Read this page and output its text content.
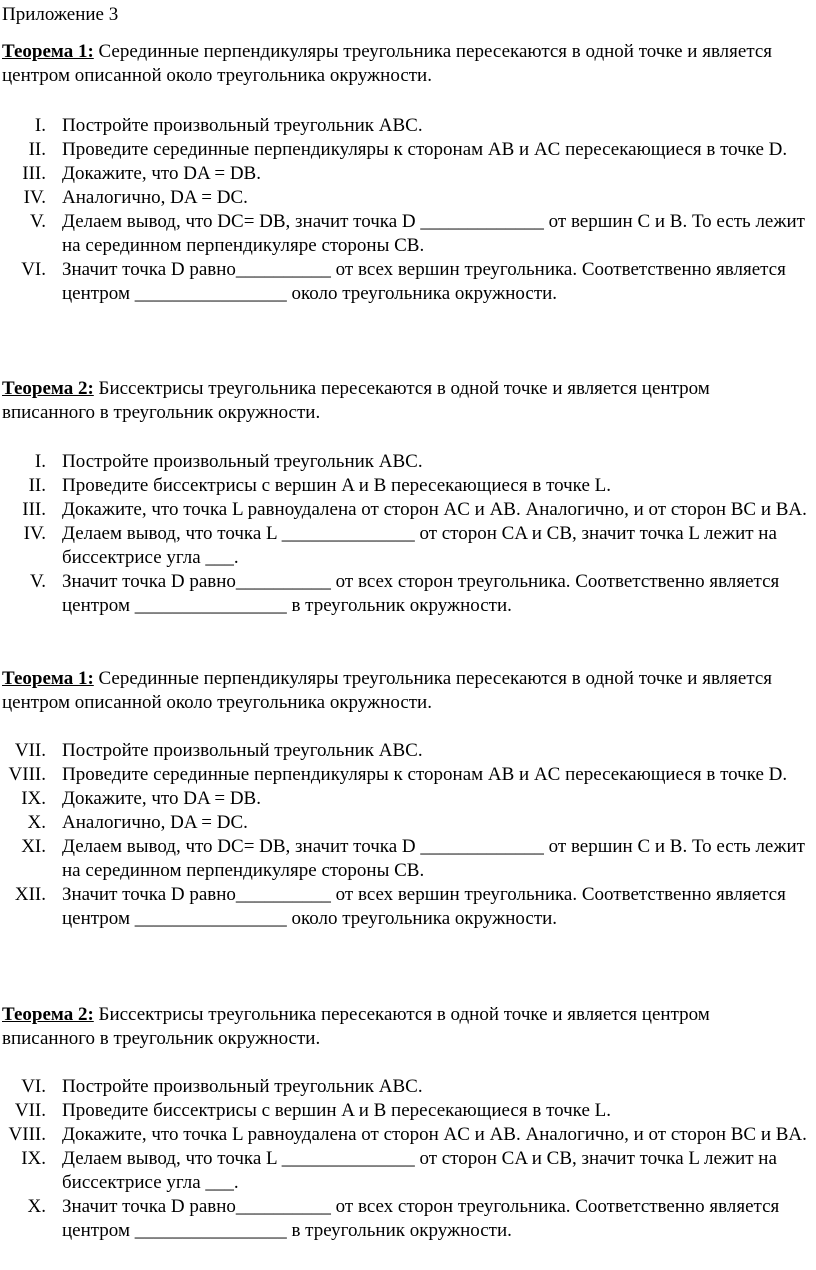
Приложение 3
Теорема 1: Серединные перпендикуляры треугольника пересекаются в одной точке и является центром описанной около треугольника окружности.
I. Постройте произвольный треугольник ABC.
II. Проведите серединные перпендикуляры к сторонам AB и AC пересекающиеся в точке D.
III. Докажите, что DA = DB.
IV. Аналогично, DA = DC.
V. Делаем вывод, что DC= DB, значит точка D _____________ от вершин C и B. То есть лежит на серединном перпендикуляре стороны CB.
VI. Значит точка D равно__________ от всех вершин треугольника. Соответственно является центром ________________ около треугольника окружности.
Теорема 2: Биссектрисы треугольника пересекаются в одной точке и является центром вписанного в треугольник окружности.
I. Постройте произвольный треугольник ABC.
II. Проведите биссектрисы с вершин A и B пересекающиеся в точке L.
III. Докажите, что точка L равноудалена от сторон AC и AB. Аналогично, и от сторон BC и BA.
IV. Делаем вывод, что точка L ______________ от сторон CA и CB, значит точка L лежит на биссектрисе угла ___.
V. Значит точка D равно__________ от всех сторон треугольника. Соответственно является центром ________________ в треугольник окружности.
Теорема 1: Серединные перпендикуляры треугольника пересекаются в одной точке и является центром описанной около треугольника окружности.
VII. Постройте произвольный треугольник ABC.
VIII. Проведите серединные перпендикуляры к сторонам AB и AC пересекающиеся в точке D.
IX. Докажите, что DA = DB.
X. Аналогично, DA = DC.
XI. Делаем вывод, что DC= DB, значит точка D _____________ от вершин C и B. То есть лежит на серединном перпендикуляре стороны CB.
XII. Значит точка D равно__________ от всех вершин треугольника. Соответственно является центром ________________ около треугольника окружности.
Теорема 2: Биссектрисы треугольника пересекаются в одной точке и является центром вписанного в треугольник окружности.
VI. Постройте произвольный треугольник ABC.
VII. Проведите биссектрисы с вершин A и B пересекающиеся в точке L.
VIII. Докажите, что точка L равноудалена от сторон AC и AB. Аналогично, и от сторон BC и BA.
IX. Делаем вывод, что точка L ______________ от сторон CA и CB, значит точка L лежит на биссектрисе угла ___.
X. Значит точка D равно__________ от всех сторон треугольника. Соответственно является центром ________________ в треугольник окружности.
